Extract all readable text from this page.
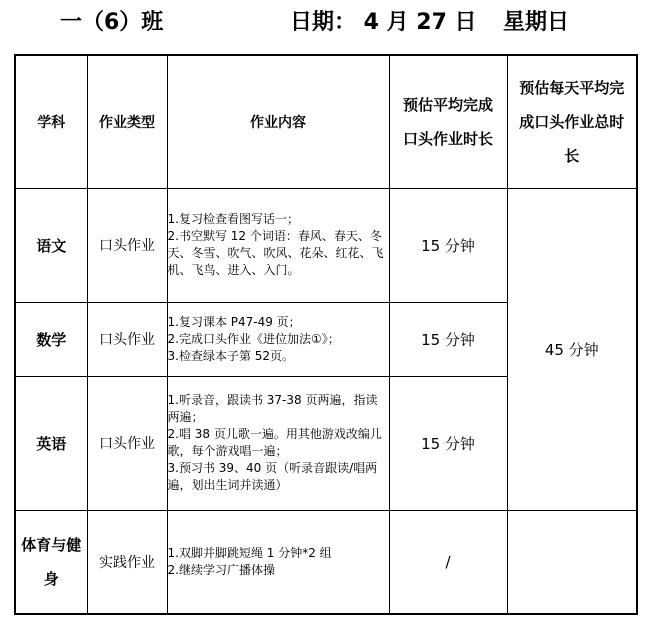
一（6）班	日期： 4 月 27 日 星期日
学科	作业类型	作业内容	预估平均完成口头作业时长	预估每天平均完成口头作业总时长
语文	口头作业	1.复习检查看图写话一；
2.书空默写 12 个词语：春风、春天、冬天、冬雪、吹气、吹风、花朵、红花、飞机、飞鸟、进入、入门。	15 分钟	45 分钟
数学	口头作业	1.复习课本 P47-49 页；
2.完成口头作业《进位加法①》；
3.检查绿本子第 52页。	15 分钟	
英语	口头作业	1.听录音，跟读书 37-38 页两遍，指读两遍；
2.唱 38 页儿歌一遍。用其他游戏改编儿歌，每个游戏唱一遍；
3.预习书 39、40 页（听录音跟读/唱两遍，划出生词并读通）	15 分钟	
体育与健身	实践作业	1.双脚并脚跳短绳 1 分钟*2 组
2.继续学习广播体操	/	
